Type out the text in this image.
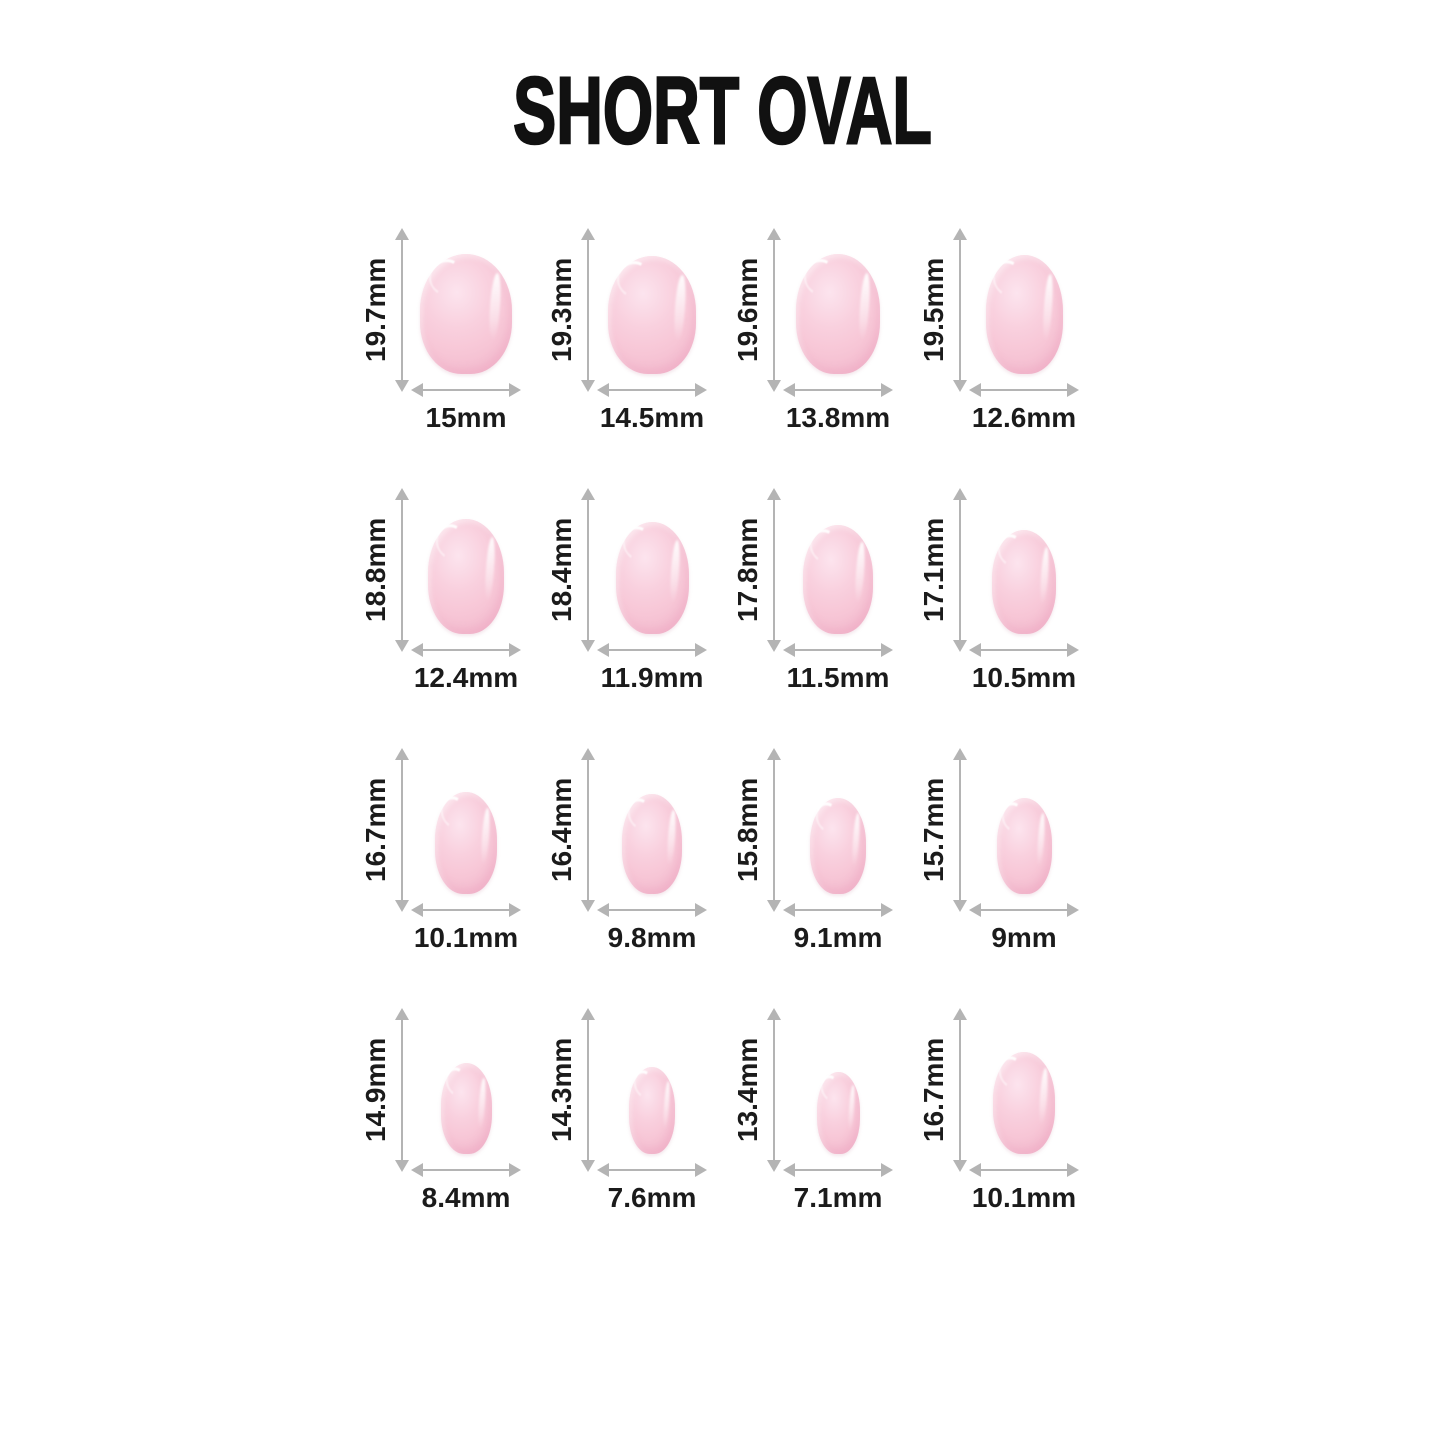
SHORT OVAL
19.7mm
15mm
19.3mm
14.5mm
19.6mm
13.8mm
19.5mm
12.6mm
18.8mm
12.4mm
18.4mm
11.9mm
17.8mm
11.5mm
17.1mm
10.5mm
16.7mm
10.1mm
16.4mm
9.8mm
15.8mm
9.1mm
15.7mm
9mm
14.9mm
8.4mm
14.3mm
7.6mm
13.4mm
7.1mm
16.7mm
10.1mm
